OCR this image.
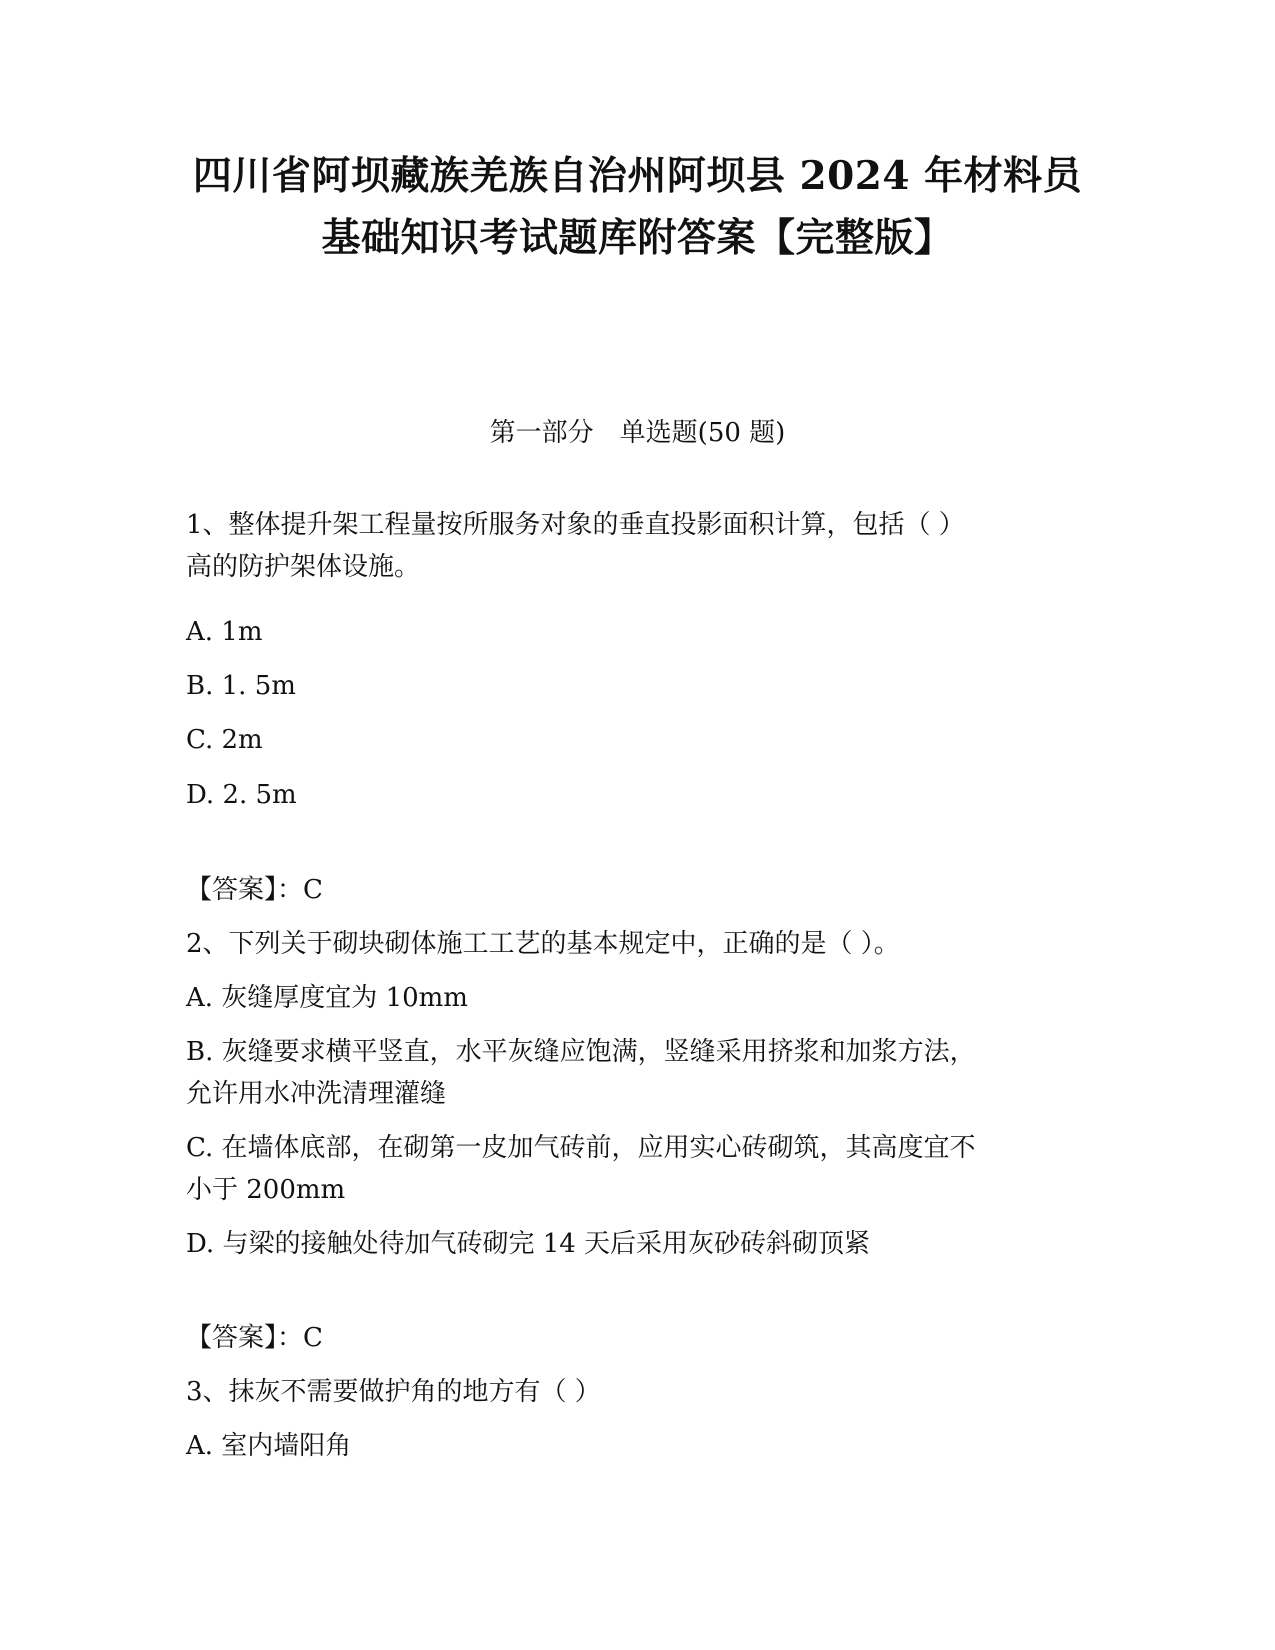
四川省阿坝藏族羌族自治州阿坝县 2024 年材料员
基础知识考试题库附答案【完整版】
第一部分　单选题(50 题)
1、整体提升架工程量按所服务对象的垂直投影面积计算，包括（ ）
高的防护架体设施。
A. 1m
B. 1. 5m
C. 2m
D. 2. 5m
【答案】：C
2、下列关于砌块砌体施工工艺的基本规定中，正确的是（ ）。
A. 灰缝厚度宜为 10mm
B. 灰缝要求横平竖直，水平灰缝应饱满，竖缝采用挤浆和加浆方法，
允许用水冲洗清理灌缝
C. 在墙体底部，在砌第一皮加气砖前，应用实心砖砌筑，其高度宜不
小于 200mm
D. 与梁的接触处待加气砖砌完 14 天后采用灰砂砖斜砌顶紧
【答案】：C
3、抹灰不需要做护角的地方有（ ）
A. 室内墙阳角
